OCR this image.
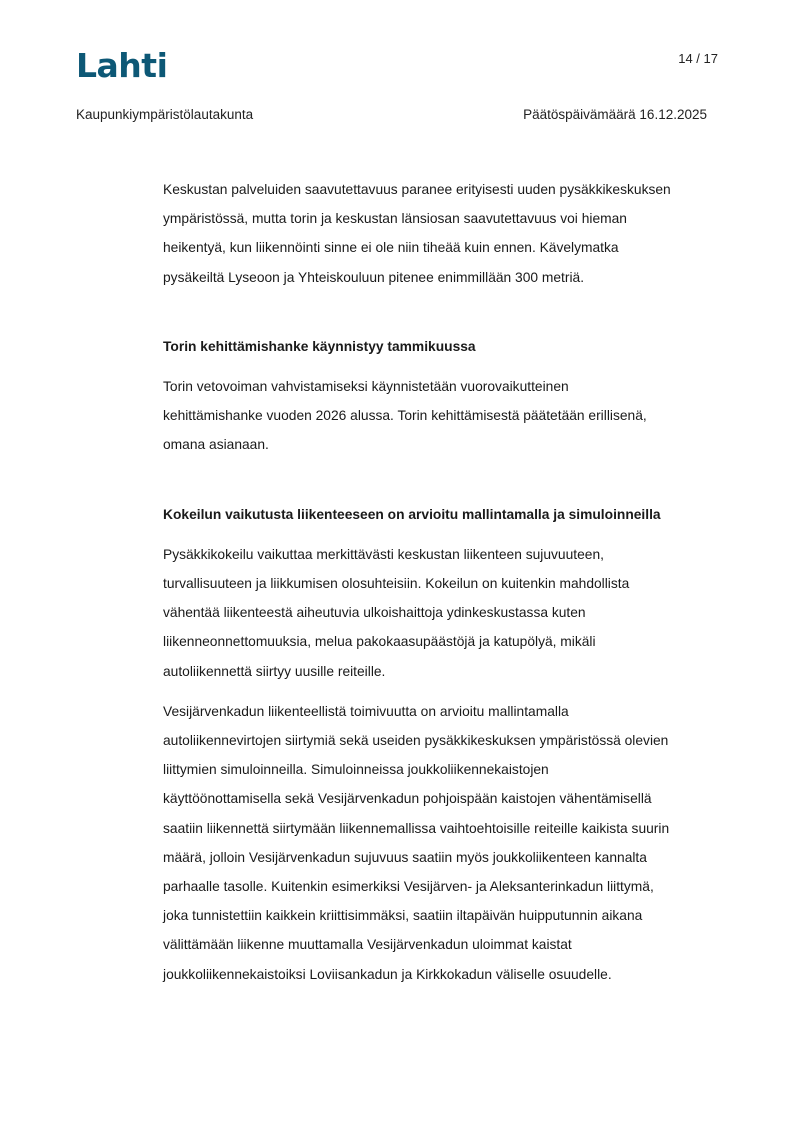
Lahti	14 / 17
Kaupunkiympäristölautakunta	Päätöspäivämäärä 16.12.2025

Keskustan palveluiden saavutettavuus paranee erityisesti uuden pysäkkikeskuksen

ympäristössä, mutta torin ja keskustan länsiosan saavutettavuus voi hieman

heikentyä, kun liikennöinti sinne ei ole niin tiheää kuin ennen. Kävelymatka

pysäkeiltä Lyseoon ja Yhteiskouluun pitenee enimmillään 300 metriä.

Torin kehittämishanke käynnistyy tammikuussa

Torin vetovoiman vahvistamiseksi käynnistetään vuorovaikutteinen

kehittämishanke vuoden 2026 alussa. Torin kehittämisestä päätetään erillisenä,

omana asianaan.

Kokeilun vaikutusta liikenteeseen on arvioitu mallintamalla ja simuloinneilla

Pysäkkikokeilu vaikuttaa merkittävästi keskustan liikenteen sujuvuuteen,

turvallisuuteen ja liikkumisen olosuhteisiin. Kokeilun on kuitenkin mahdollista

vähentää liikenteestä aiheutuvia ulkoishaittoja ydinkeskustassa kuten

liikenneonnettomuuksia, melua pakokaasupäästöjä ja katupölyä, mikäli

autoliikennettä siirtyy uusille reiteille.

Vesijärvenkadun liikenteellistä toimivuutta on arvioitu mallintamalla

autoliikennevirtojen siirtymiä sekä useiden pysäkkikeskuksen ympäristössä olevien

liittymien simuloinneilla. Simuloinneissa joukkoliikennekaistojen

käyttöönottamisella sekä Vesijärvenkadun pohjoispään kaistojen vähentämisellä

saatiin liikennettä siirtymään liikennemallissa vaihtoehtoisille reiteille kaikista suurin

määrä, jolloin Vesijärvenkadun sujuvuus saatiin myös joukkoliikenteen kannalta

parhaalle tasolle. Kuitenkin esimerkiksi Vesijärven- ja Aleksanterinkadun liittymä,

joka tunnistettiin kaikkein kriittisimmäksi, saatiin iltapäivän huipputunnin aikana

välittämään liikenne muuttamalla Vesijärvenkadun uloimmat kaistat

joukkoliikennekaistoiksi Loviisankadun ja Kirkkokadun väliselle osuudelle.
